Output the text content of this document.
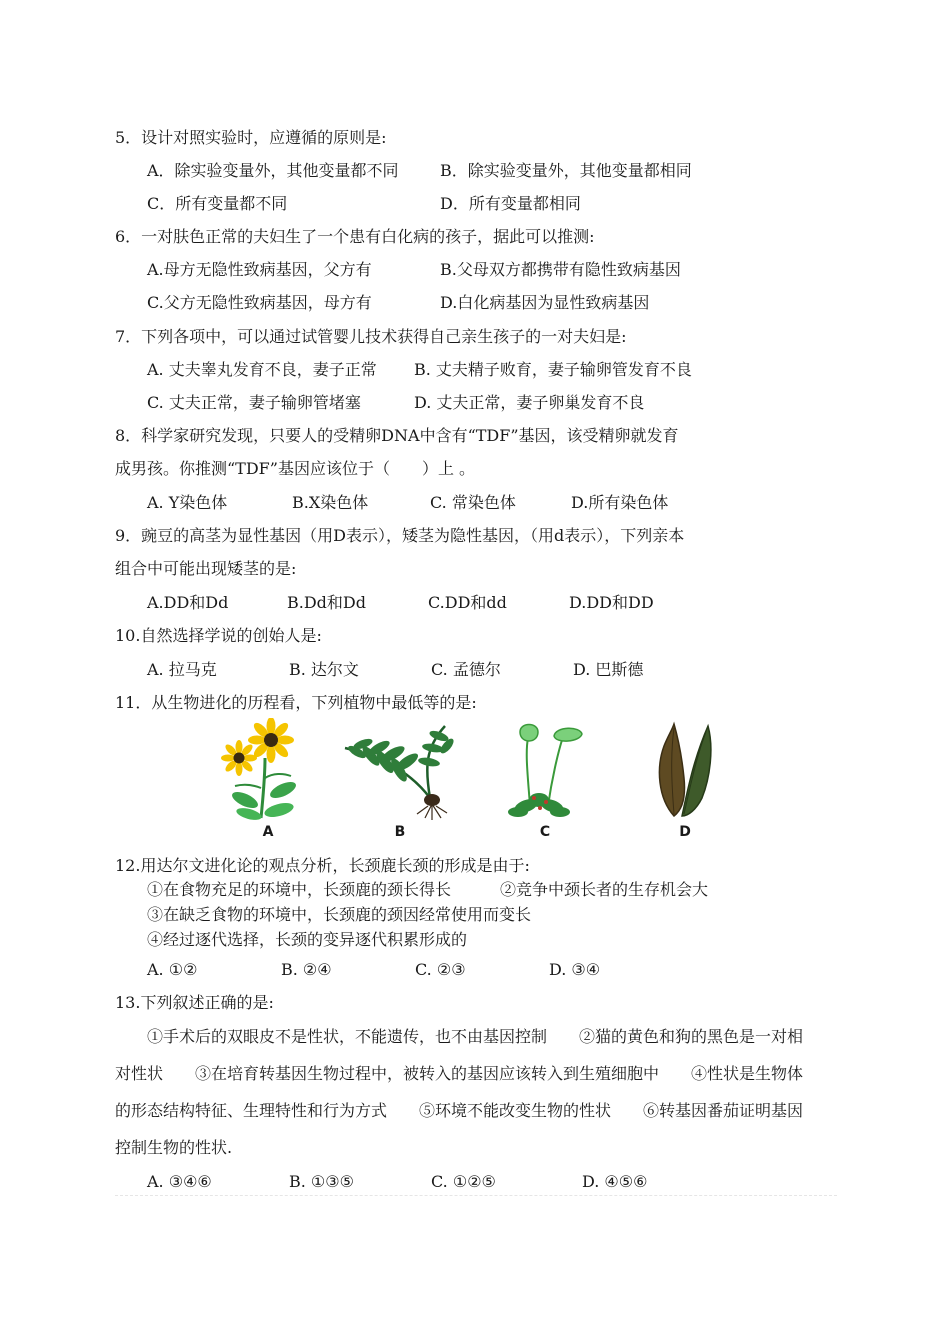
5．设计对照实验时，应遵循的原则是:
A．除实验变量外，其他变量都不同	B．除实验变量外，其他变量都相同
C．所有变量都不同	D．所有变量都相同
6．一对肤色正常的夫妇生了一个患有白化病的孩子，据此可以推测:
A.母方无隐性致病基因，父方有	B.父母双方都携带有隐性致病基因
C.父方无隐性致病基因，母方有	D.白化病基因为显性致病基因
7．下列各项中，可以通过试管婴儿技术获得自己亲生孩子的一对夫妇是:
A. 丈夫睾丸发育不良，妻子正常 B. 丈夫精子败育，妻子输卵管发育不良
C. 丈夫正常，妻子输卵管堵塞	D. 丈夫正常，妻子卵巢发育不良
8．科学家研究发现，只要人的受精卵DNA中含有“TDF”基因，该受精卵就发育
成男孩。你推测“TDF”基因应该位于（　　）上 。
A. Y染色体	B.X染色体	C. 常染色体	D.所有染色体
9．豌豆的高茎为显性基因（用D表示），矮茎为隐性基因，（用d表示），下列亲本
组合中可能出现矮茎的是:
A.DD和Dd	B.Dd和Dd	C.DD和dd	D.DD和DD
10.自然选择学说的创始人是:
A. 拉马克	B. 达尔文	C. 孟德尔	D. 巴斯德
11．从生物进化的历程看，下列植物中最低等的是:
A	B	C	D
12.用达尔文进化论的观点分析，长颈鹿长颈的形成是由于:
①在食物充足的环境中，长颈鹿的颈长得长	②竞争中颈长者的生存机会大
③在缺乏食物的环境中，长颈鹿的颈因经常使用而变长
④经过逐代选择，长颈的变异逐代积累形成的
A. ①②	B. ②④	C. ②③	D. ③④
13.下列叙述正确的是:
①手术后的双眼皮不是性状，不能遗传，也不由基因控制　　②猫的黄色和狗的黑色是一对相
对性状　　③在培育转基因生物过程中，被转入的基因应该转入到生殖细胞中　　④性状是生物体
的形态结构特征、生理特性和行为方式　　⑤环境不能改变生物的性状　　⑥转基因番茄证明基因
控制生物的性状.
A. ③④⑥	B. ①③⑤	C. ①②⑤	D. ④⑤⑥
